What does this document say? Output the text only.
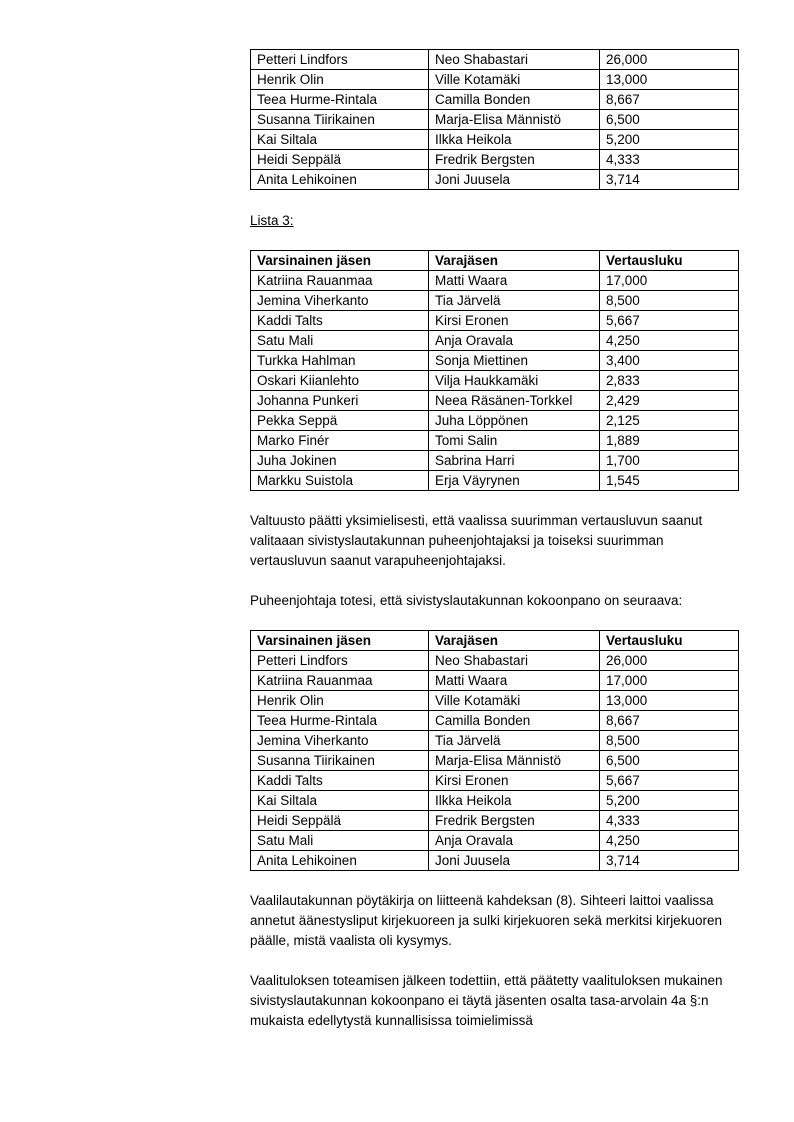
Petteri Lindfors	Neo Shabastari	26,000
Henrik Olin	Ville Kotamäki	13,000
Teea Hurme-Rintala	Camilla Bonden	8,667
Susanna Tiirikainen	Marja-Elisa Männistö	6,500
Kai Siltala	Ilkka Heikola	5,200
Heidi Seppälä	Fredrik Bergsten	4,333
Anita Lehikoinen	Joni Juusela	3,714

Lista 3:

Varsinainen jäsen	Varajäsen	Vertausluku
Katriina Rauanmaa	Matti Waara	17,000
Jemina Viherkanto	Tia Järvelä	8,500
Kaddi Talts	Kirsi Eronen	5,667
Satu Mali	Anja Oravala	4,250
Turkka Hahlman	Sonja Miettinen	3,400
Oskari Kiianlehto	Vilja Haukkamäki	2,833
Johanna Punkeri	Neea Räsänen-Torkkel	2,429
Pekka Seppä	Juha Löppönen	2,125
Marko Finér	Tomi Salin	1,889
Juha Jokinen	Sabrina Harri	1,700
Markku Suistola	Erja Väyrynen	1,545

Valtuusto päätti yksimielisesti, että vaalissa suurimman vertausluvun saanut valitaaan sivistyslautakunnan puheenjohtajaksi ja toiseksi suurimman vertausluvun saanut varapuheenjohtajaksi.

Puheenjohtaja totesi, että sivistyslautakunnan kokoonpano on seuraava:

Varsinainen jäsen	Varajäsen	Vertausluku
Petteri Lindfors	Neo Shabastari	26,000
Katriina Rauanmaa	Matti Waara	17,000
Henrik Olin	Ville Kotamäki	13,000
Teea Hurme-Rintala	Camilla Bonden	8,667
Jemina Viherkanto	Tia Järvelä	8,500
Susanna Tiirikainen	Marja-Elisa Männistö	6,500
Kaddi Talts	Kirsi Eronen	5,667
Kai Siltala	Ilkka Heikola	5,200
Heidi Seppälä	Fredrik Bergsten	4,333
Satu Mali	Anja Oravala	4,250
Anita Lehikoinen	Joni Juusela	3,714

Vaalilautakunnan pöytäkirja on liitteenä kahdeksan (8). Sihteeri laittoi vaalissa annetut äänestysliput kirjekuoreen ja sulki kirjekuoren sekä merkitsi kirjekuoren päälle, mistä vaalista oli kysymys.

Vaalituloksen toteamisen jälkeen todettiin, että päätetty vaalituloksen mukainen sivistyslautakunnan kokoonpano ei täytä jäsenten osalta tasa-arvolain 4a §:n mukaista edellytystä kunnallisissa toimielimissä
